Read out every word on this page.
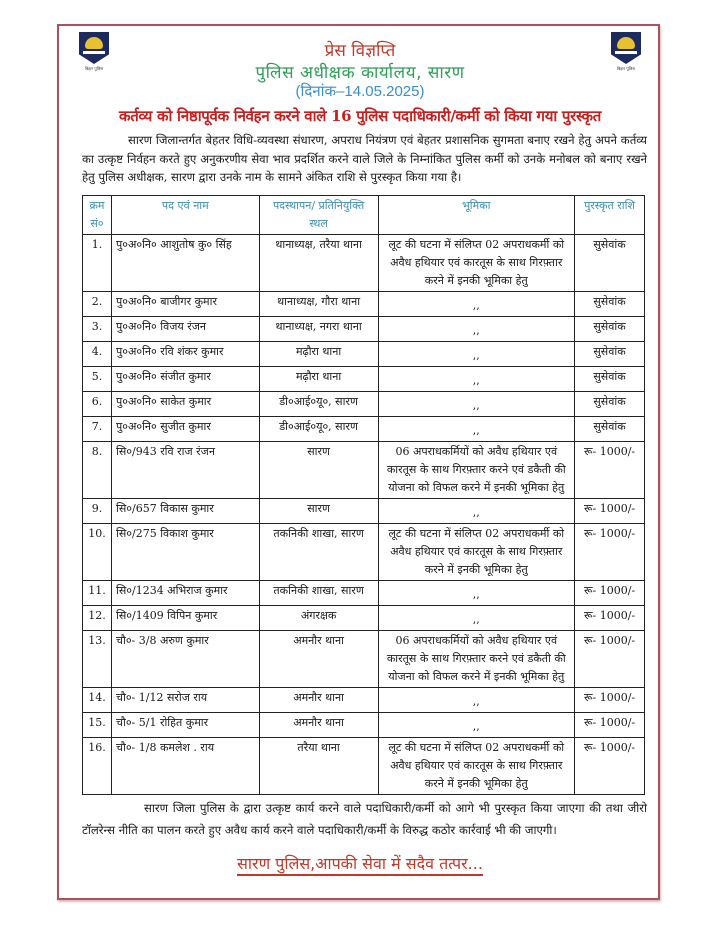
बिहार पुलिस	बिहार पुलिस
प्रेस विज्ञप्ति
पुलिस अधीक्षक कार्यालय, सारण
(दिनांक–14.05.2025)
कर्तव्य को निष्ठापूर्वक निर्वहन करने वाले 16 पुलिस पदाधिकारी/कर्मी को किया गया पुरस्कृत
सारण जिलान्तर्गत बेहतर विधि-व्यवस्था संधारण, अपराध नियंत्रण एवं बेहतर प्रशासनिक सुगमता बनाए रखने हेतु अपने कर्तव्य का उत्कृष्ट निर्वहन करते हुए अनुकरणीय सेवा भाव प्रदर्शित करने वाले जिले के निम्नांकित पुलिस कर्मी को उनके मनोबल को बनाए रखने हेतु पुलिस अधीक्षक, सारण द्वारा उनके नाम के सामने अंकित राशि से पुरस्कृत किया गया है।
क्रम सं०	पद एवं नाम	पदस्थापन/ प्रतिनियुक्ति स्थल	भूमिका	पुरस्कृत राशि
1.	पु०अ०नि० आशुतोष कु० सिंह	थानाध्यक्ष, तरैया थाना	लूट की घटना में संलिप्त 02 अपराधकर्मी को अवैध हथियार एवं कारतूस के साथ गिरफ़्तार करने में इनकी भूमिका हेतु	सुसेवांक
2.	पु०अ०नि० बाजीगर कुमार	थानाध्यक्ष, गौरा थाना	,,	सुसेवांक
3.	पु०अ०नि० विजय रंजन	थानाध्यक्ष, नगरा थाना	,,	सुसेवांक
4.	पु०अ०नि० रवि शंकर कुमार	मढ़ौरा थाना	,,	सुसेवांक
5.	पु०अ०नि० संजीत कुमार	मढ़ौरा थाना	,,	सुसेवांक
6.	पु०अ०नि० साकेत कुमार	डी०आई०यू०, सारण	,,	सुसेवांक
7.	पु०अ०नि० सुजीत कुमार	डी०आई०यू०, सारण	,,	सुसेवांक
8.	सि०/943 रवि राज रंजन	सारण	06 अपराधकर्मियों को अवैध हथियार एवं कारतूस के साथ गिरफ़्तार करने एवं डकैती की योजना को विफल करने में इनकी भूमिका हेतु	रू- 1000/-
9.	सि०/657 विकास कुमार	सारण	,,	रू- 1000/-
10.	सि०/275 विकाश कुमार	तकनिकी शाखा, सारण	लूट की घटना में संलिप्त 02 अपराधकर्मी को अवैध हथियार एवं कारतूस के साथ गिरफ़्तार करने में इनकी भूमिका हेतु	रू- 1000/-
11.	सि०/1234 अभिराज कुमार	तकनिकी शाखा, सारण	,,	रू- 1000/-
12.	सि०/1409 विपिन कुमार	अंगरक्षक	,,	रू- 1000/-
13.	चौ०- 3/8 अरुण कुमार	अमनौर थाना	06 अपराधकर्मियों को अवैध हथियार एवं कारतूस के साथ गिरफ़्तार करने एवं डकैती की योजना को विफल करने में इनकी भूमिका हेतु	रू- 1000/-
14.	चौ०- 1/12 सरोज राय	अमनौर थाना	,,	रू- 1000/-
15.	चौ०- 5/1 रोहित कुमार	अमनौर थाना	,,	रू- 1000/-
16.	चौ०- 1/8 कमलेश . राय	तरैया थाना	लूट की घटना में संलिप्त 02 अपराधकर्मी को अवैध हथियार एवं कारतूस के साथ गिरफ़्तार करने में इनकी भूमिका हेतु	रू- 1000/-
सारण जिला पुलिस के द्वारा उत्कृष्ट कार्य करने वाले पदाधिकारी/कर्मी को आगे भी पुरस्कृत किया जाएगा की तथा जीरो टॉलरेन्स नीति का पालन करते हुए अवैध कार्य करने वाले पदाधिकारी/कर्मी के विरुद्ध कठोर कार्रवाई भी की जाएगी।
सारण पुलिस,आपकी सेवा में सदैव तत्पर...
